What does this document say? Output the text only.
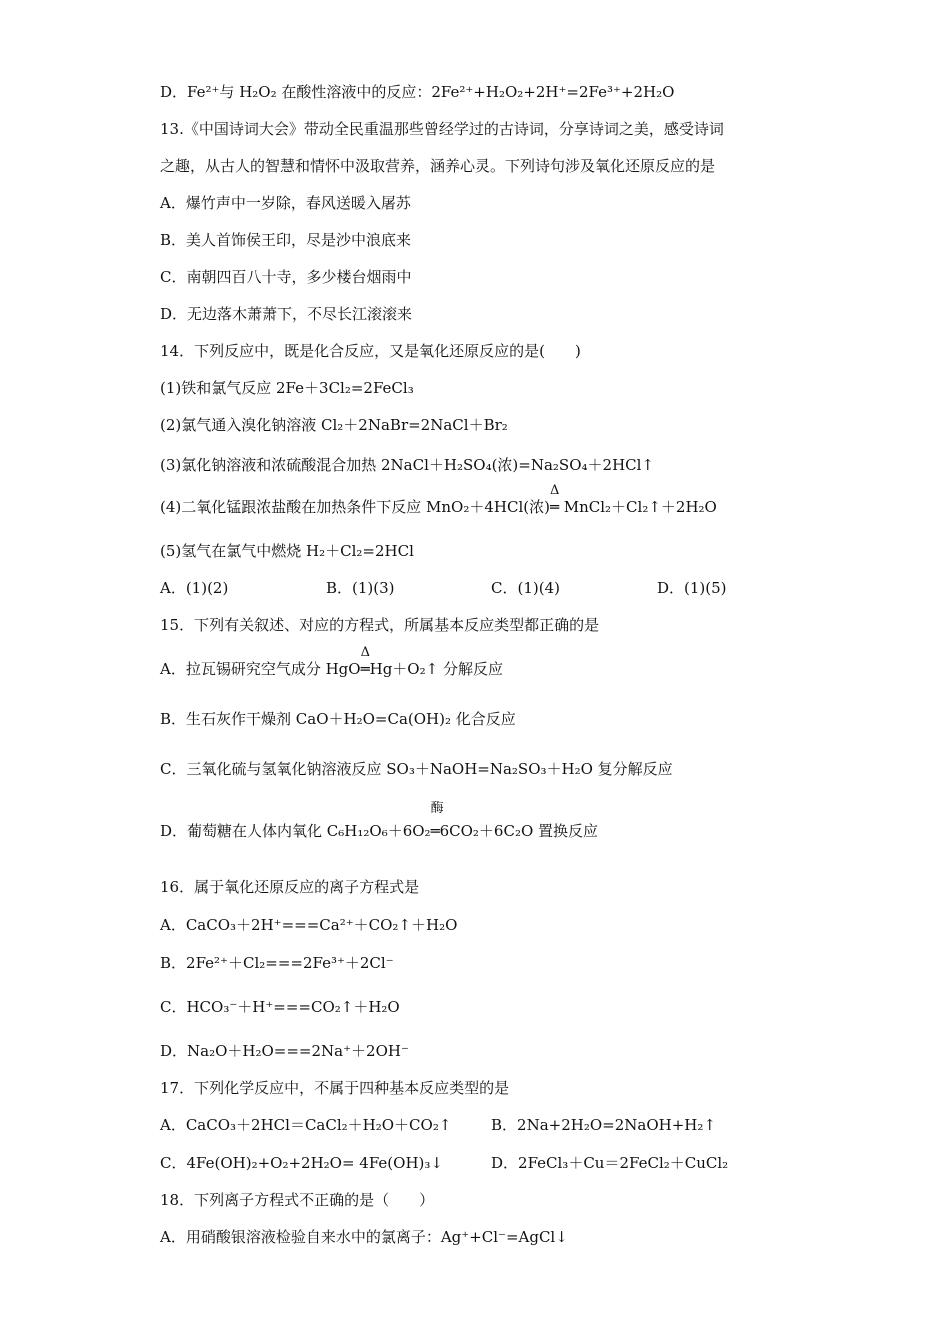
D．Fe²⁺与 H₂O₂ 在酸性溶液中的反应：2Fe²⁺+H₂O₂+2H⁺=2Fe³⁺+2H₂O
13.《中国诗词大会》带动全民重温那些曾经学过的古诗词，分享诗词之美，感受诗词
之趣，从古人的智慧和情怀中汲取营养，涵养心灵。下列诗句涉及氧化还原反应的是
A．爆竹声中一岁除，春风送暖入屠苏
B．美人首饰侯王印，尽是沙中浪底来
C．南朝四百八十寺，多少楼台烟雨中
D．无边落木萧萧下，不尽长江滚滚来
14．下列反应中，既是化合反应，又是氧化还原反应的是(　　)
(1)铁和氯气反应 2Fe＋3Cl₂=2FeCl₃
(2)氯气通入溴化钠溶液 Cl₂＋2NaBr=2NaCl＋Br₂
(3)氯化钠溶液和浓硫酸混合加热 2NaCl＋H₂SO₄(浓)=Na₂SO₄＋2HCl↑
(4)二氧化锰跟浓盐酸在加热条件下反应 MnO₂＋4HCl(浓)
Δ
═ MnCl₂＋Cl₂↑＋2H₂O
(5)氢气在氯气中燃烧 H₂＋Cl₂=2HCl
A．(1)(2)	B．(1)(3)	C．(1)(4)	D．(1)(5)
15．下列有关叙述、对应的方程式，所属基本反应类型都正确的是
A．拉瓦锡研究空气成分 HgO
Δ
═Hg＋O₂↑ 分解反应
B．生石灰作干燥剂 CaO＋H₂O=Ca(OH)₂ 化合反应
C．三氧化硫与氢氧化钠溶液反应 SO₃＋NaOH=Na₂SO₃＋H₂O 复分解反应
D．葡萄糖在人体内氧化 C₆H₁₂O₆＋6O₂
酶
═6CO₂＋6C₂O 置换反应
16．属于氧化还原反应的离子方程式是
A．CaCO₃＋2H⁺===Ca²⁺＋CO₂↑＋H₂O
B．2Fe²⁺＋Cl₂===2Fe³⁺＋2Cl⁻
C．HCO₃⁻＋H⁺===CO₂↑＋H₂O
D．Na₂O＋H₂O===2Na⁺＋2OH⁻
17．下列化学反应中，不属于四种基本反应类型的是
A．CaCO₃＋2HCl＝CaCl₂＋H₂O＋CO₂↑	B．2Na+2H₂O=2NaOH+H₂↑
C．4Fe(OH)₂+O₂+2H₂O= 4Fe(OH)₃↓	D．2FeCl₃＋Cu＝2FeCl₂＋CuCl₂
18．下列离子方程式不正确的是（　　）
A．用硝酸银溶液检验自来水中的氯离子：Ag⁺+Cl⁻=AgCl↓
